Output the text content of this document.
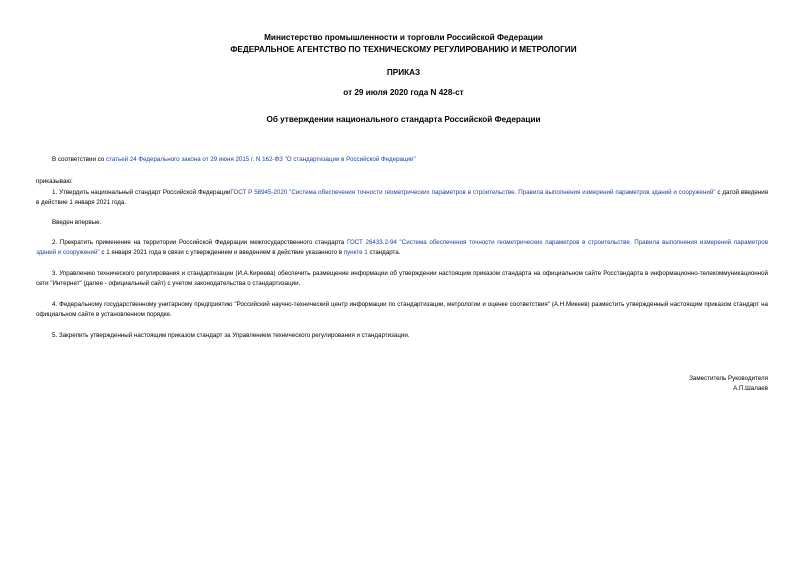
Министерство промышленности и торговли Российской Федерации
ФЕДЕРАЛЬНОЕ АГЕНТСТВО ПО ТЕХНИЧЕСКОМУ РЕГУЛИРОВАНИЮ И МЕТРОЛОГИИ
ПРИКАЗ
от 29 июля 2020 года N 428-ст
Об утверждении национального стандарта Российской Федерации
В соответствии со статьей 24 Федерального закона от 29 июня 2015 г. N 162-ФЗ "О стандартизации в Российской Федерации"
приказываю:
1. Утвердить национальный стандарт Российской ФедерацииГОСТ Р 58945-2020 "Система обеспечения точности геометрических параметров в строительстве. Правила выполнения измерений параметров зданий и сооружений" с датой введения в действие 1 января 2021 года.
Введен впервые.
2. Прекратить применение на территории Российской Федерации межгосударственного стандарта ГОСТ 26433.2-94 "Система обеспечения точности геометрических параметров в строительстве. Правила выполнения измерений параметров зданий и сооружений" с 1 января 2021 года в связи с утверждением и введением в действие указанного в пункте 1 стандарта.
3. Управлению технического регулирования и стандартизации (И.А.Киреева) обеспечить размещение информации об утверждении настоящим приказом стандарта на официальном сайте Росстандарта в информационно-телекоммуникационной сети "Интернет" (далее - официальный сайт) с учетом законодательства о стандартизации.
4. Федеральному государственному унитарному предприятию "Российский научно-технический центр информации по стандартизации, метрологии и оценке соответствия" (А.Н.Микеев) разместить утвержденный настоящим приказом стандарт на официальном сайте в установленном порядке.
5. Закрепить утвержденный настоящим приказом стандарт за Управлением технического регулирования и стандартизации.
Заместитель Руководителя
А.П.Шалаев
